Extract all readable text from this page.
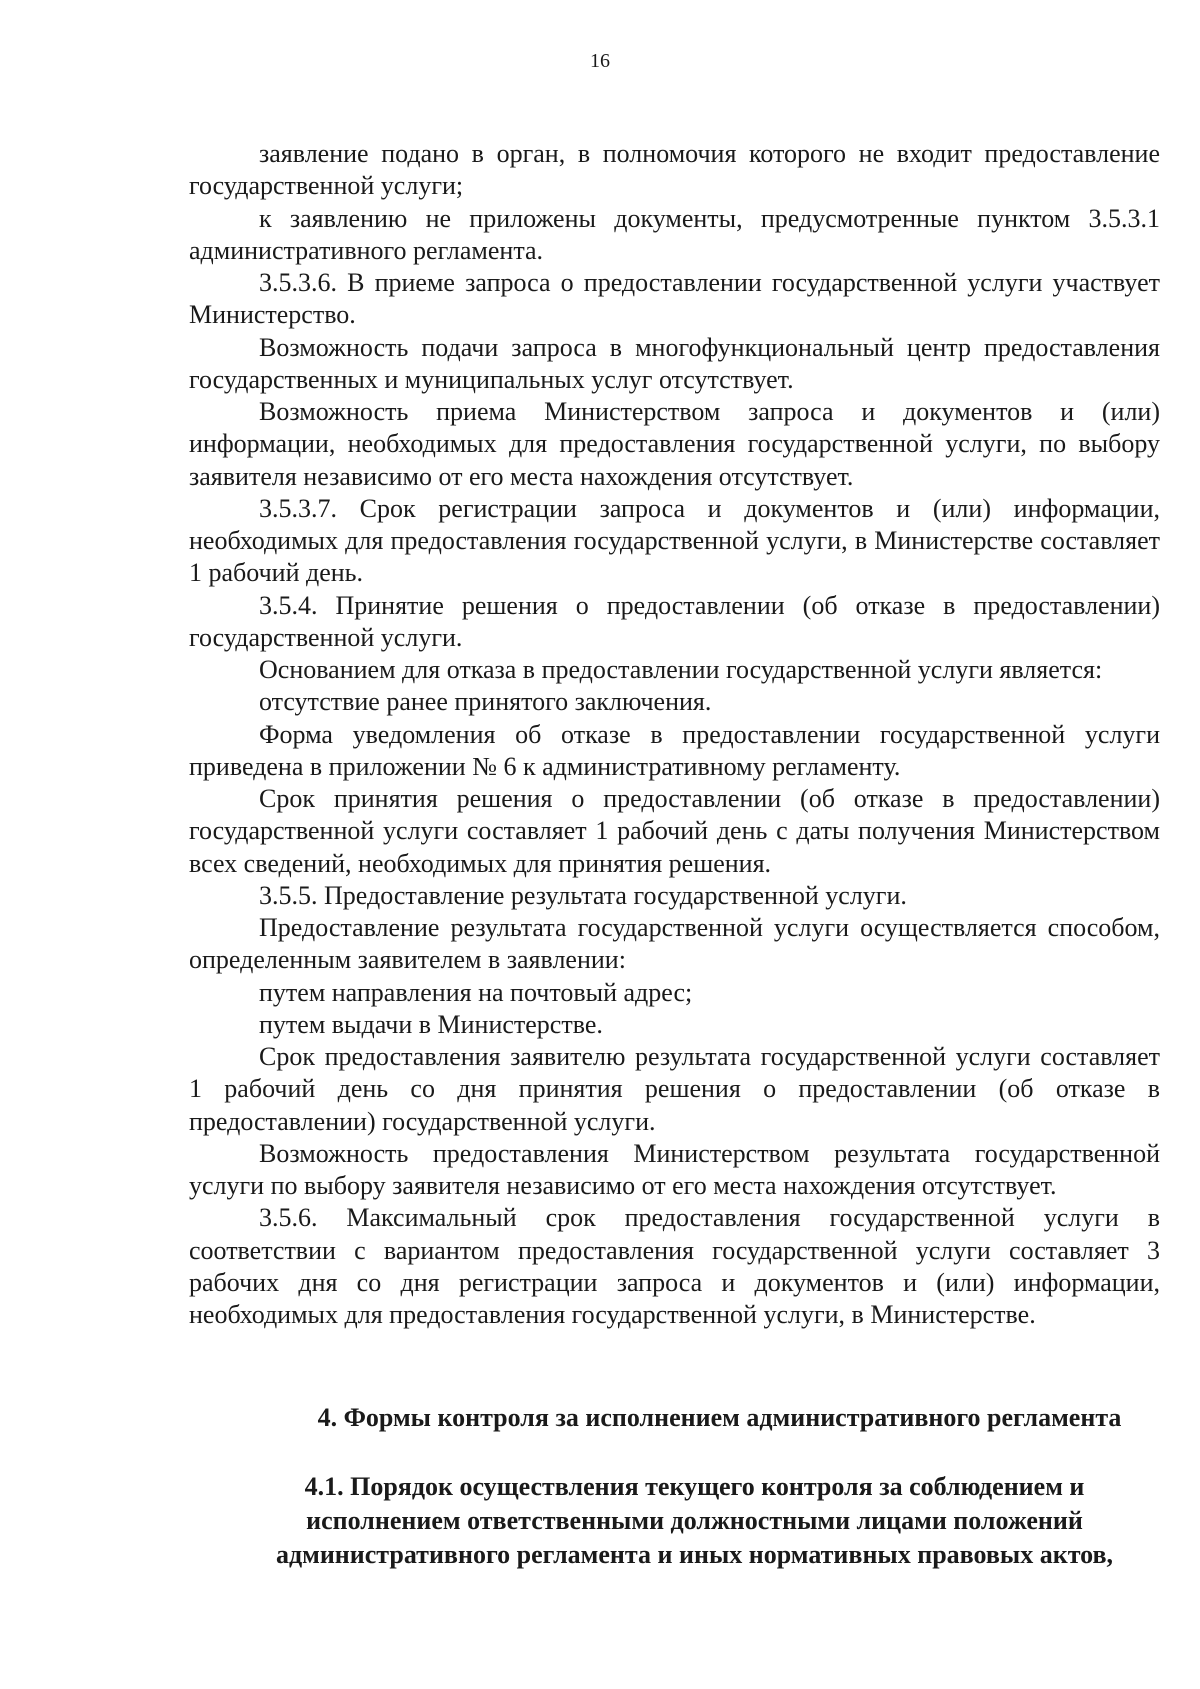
16

заявление подано в орган, в полномочия которого не входит предоставление государственной услуги;

к заявлению не приложены документы, предусмотренные пунктом 3.5.3.1 административного регламента.

3.5.3.6. В приеме запроса о предоставлении государственной услуги участвует Министерство.

Возможность подачи запроса в многофункциональный центр предоставления государственных и муниципальных услуг отсутствует.

Возможность приема Министерством запроса и документов и (или) информации, необходимых для предоставления государственной услуги, по выбору заявителя независимо от его места нахождения отсутствует.

3.5.3.7. Срок регистрации запроса и документов и (или) информации, необходимых для предоставления государственной услуги, в Министерстве составляет 1 рабочий день.

3.5.4. Принятие решения о предоставлении (об отказе в предоставлении) государственной услуги.

Основанием для отказа в предоставлении государственной услуги является:

отсутствие ранее принятого заключения.

Форма уведомления об отказе в предоставлении государственной услуги приведена в приложении № 6 к административному регламенту.

Срок принятия решения о предоставлении (об отказе в предоставлении) государственной услуги составляет 1 рабочий день с даты получения Министерством всех сведений, необходимых для принятия решения.

3.5.5. Предоставление результата государственной услуги.

Предоставление результата государственной услуги осуществляется способом, определенным заявителем в заявлении:

путем направления на почтовый адрес;

путем выдачи в Министерстве.

Срок предоставления заявителю результата государственной услуги составляет 1 рабочий день со дня принятия решения о предоставлении (об отказе в предоставлении) государственной услуги.

Возможность предоставления Министерством результата государственной услуги по выбору заявителя независимо от его места нахождения отсутствует.

3.5.6. Максимальный срок предоставления государственной услуги в соответствии с вариантом предоставления государственной услуги составляет 3 рабочих дня со дня регистрации запроса и документов и (или) информации, необходимых для предоставления государственной услуги, в Министерстве.

4. Формы контроля за исполнением административного регламента
4.1. Порядок осуществления текущего контроля за соблюдением и
исполнением ответственными должностными лицами положений
административного регламента и иных нормативных правовых актов,
